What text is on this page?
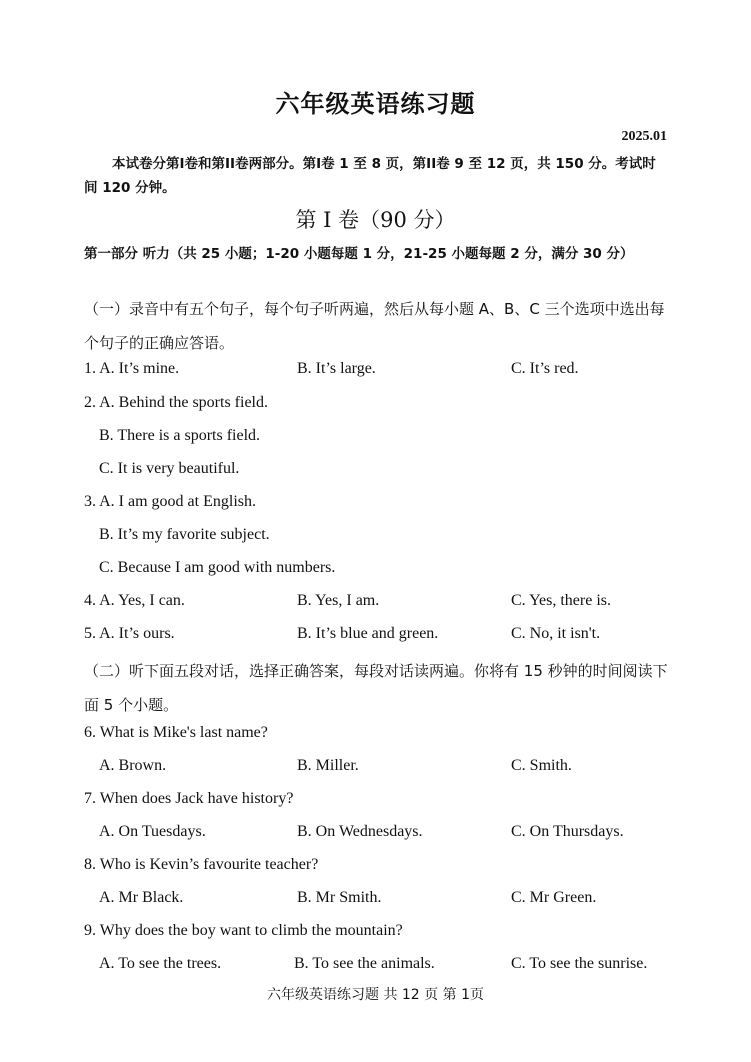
六年级英语练习题
2025.01
本试卷分第I卷和第II卷两部分。第I卷 1 至 8 页，第II卷 9 至 12 页，共 150 分。考试时间 120 分钟。
第 I 卷（90 分）
第一部分 听力（共 25 小题；1-20 小题每题 1 分，21-25 小题每题 2 分，满分 30 分）
（一）录音中有五个句子，每个句子听两遍，然后从每小题 A、B、C 三个选项中选出每个句子的正确应答语。
1. A. It’s mine.	B. It’s large.	C. It’s red.
2. A. Behind the sports field.
B. There is a sports field.
C. It is very beautiful.
3. A. I am good at English.
B. It’s my favorite subject.
C. Because I am good with numbers.
4. A. Yes, I can.	B. Yes, I am.	C. Yes, there is.
5. A. It’s ours.	B. It’s blue and green.	C. No, it isn't.
（二）听下面五段对话，选择正确答案，每段对话读两遍。你将有 15 秒钟的时间阅读下面 5 个小题。
6. What is Mike's last name?
A. Brown.	B. Miller.	C. Smith.
7. When does Jack have history?
A. On Tuesdays.	B. On Wednesdays.	C. On Thursdays.
8. Who is Kevin’s favourite teacher?
A. Mr Black.	B. Mr Smith.	C. Mr Green.
9. Why does the boy want to climb the mountain?
A. To see the trees.	B. To see the animals.	C. To see the sunrise.
六年级英语练习题 共 12 页 第 1页
